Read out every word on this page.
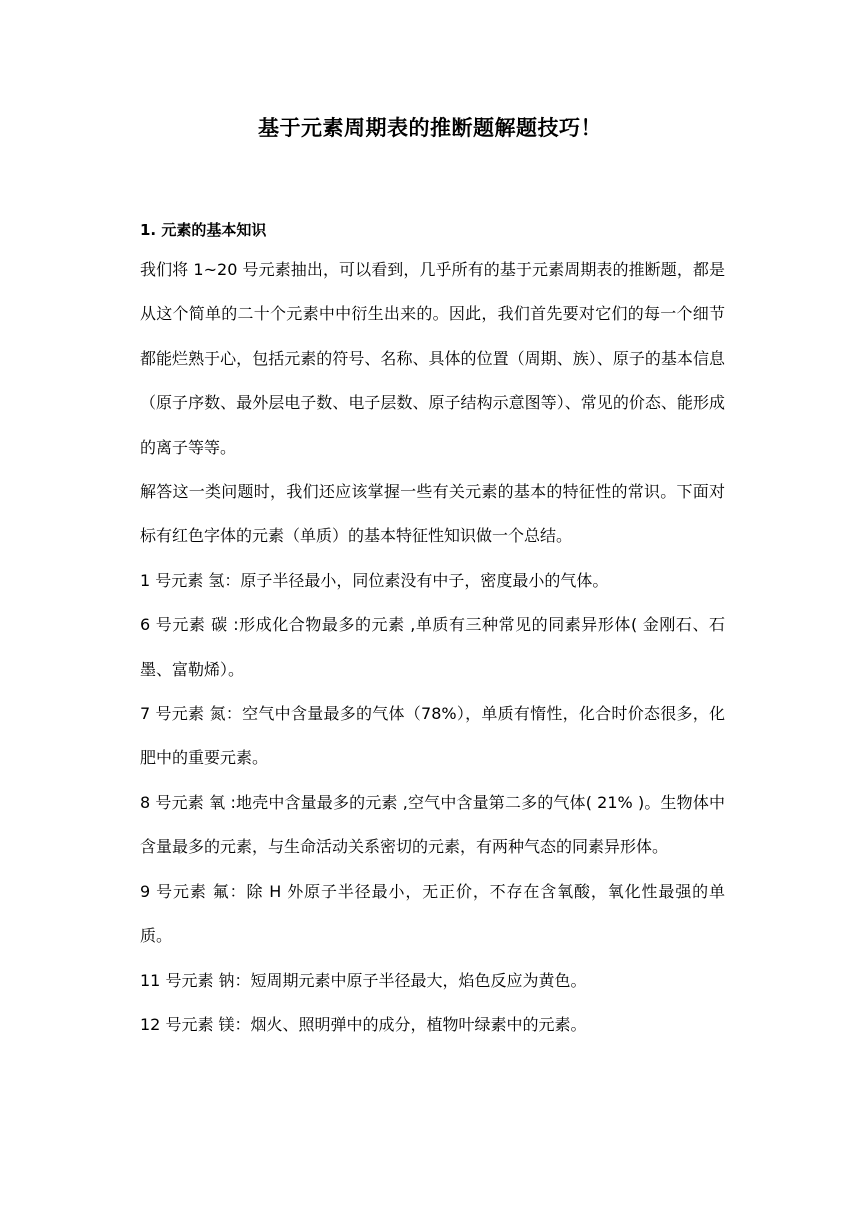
基于元素周期表的推断题解题技巧！
1. 元素的基本知识

我们将 1~20 号元素抽出，可以看到，几乎所有的基于元素周期表的推断题，都是从这个简单的二十个元素中中衍生出来的。因此，我们首先要对它们的每一个细节都能烂熟于心，包括元素的符号、名称、具体的位置（周期、族）、原子的基本信息（原子序数、最外层电子数、电子层数、原子结构示意图等）、常见的价态、能形成的离子等等。

解答这一类问题时，我们还应该掌握一些有关元素的基本的特征性的常识。下面对标有红色字体的元素（单质）的基本特征性知识做一个总结。

1 号元素 氢：原子半径最小，同位素没有中子，密度最小的气体。

6 号元素 碳 :形成化合物最多的元素 ,单质有三种常见的同素异形体( 金刚石、石墨、富勒烯）。

7 号元素 氮：空气中含量最多的气体（78%），单质有惰性，化合时价态很多，化肥中的重要元素。

8 号元素 氧 :地壳中含量最多的元素 ,空气中含量第二多的气体( 21% )。生物体中含量最多的元素，与生命活动关系密切的元素，有两种气态的同素异形体。

9 号元素 氟：除 H 外原子半径最小，无正价，不存在含氧酸，氧化性最强的单质。

11 号元素 钠：短周期元素中原子半径最大，焰色反应为黄色。

12 号元素 镁：烟火、照明弹中的成分，植物叶绿素中的元素。
